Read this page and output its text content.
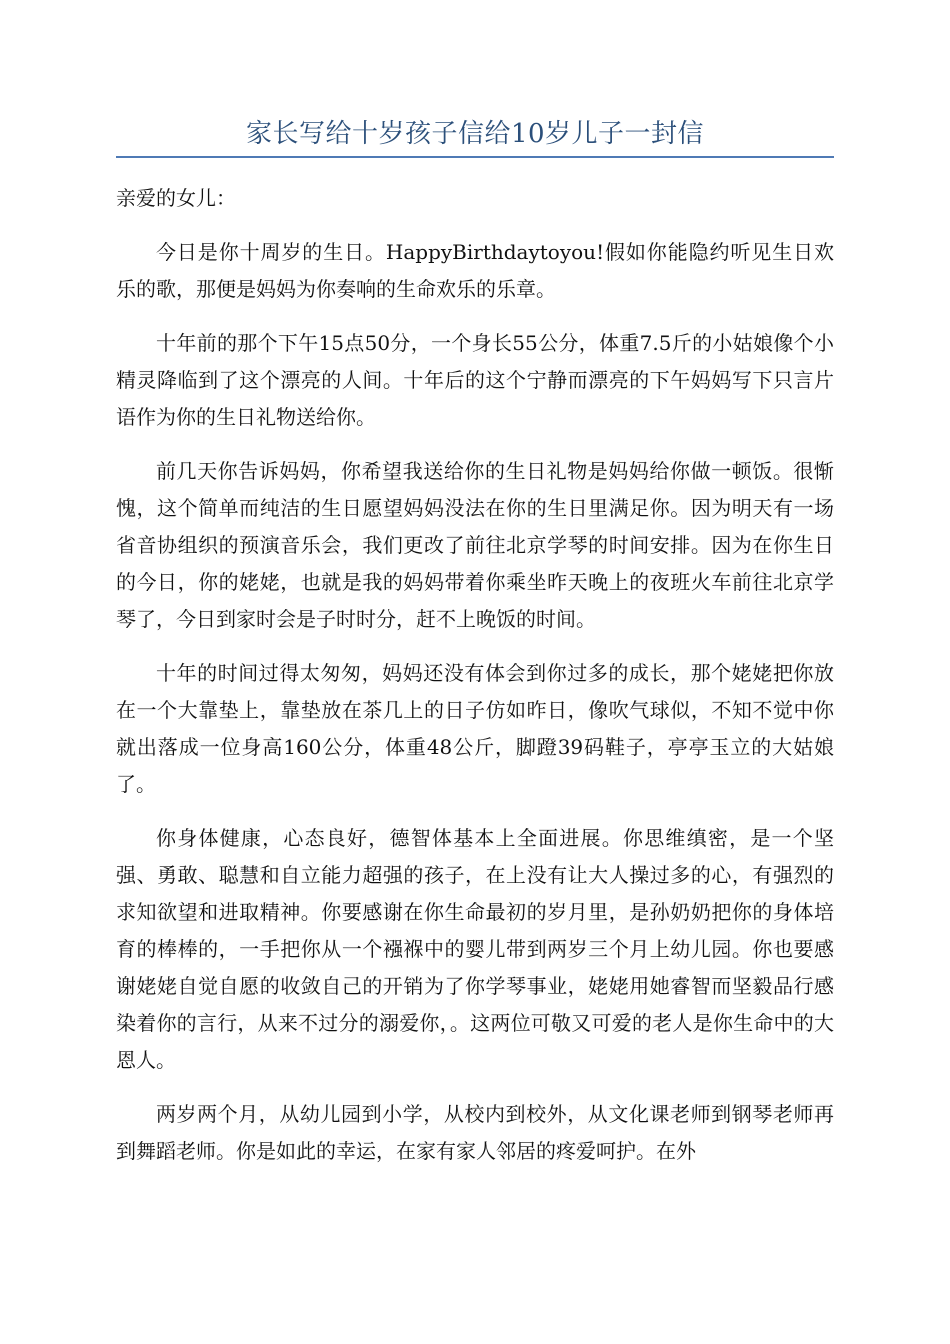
家长写给十岁孩子信给10岁儿子一封信

亲爱的女儿：

今日是你十周岁的生日。HappyBirthdaytoyou!假如你能隐约听见生日欢乐的歌，那便是妈妈为你奏响的生命欢乐的乐章。

十年前的那个下午15点50分，一个身长55公分，体重7.5斤的小姑娘像个小精灵降临到了这个漂亮的人间。十年后的这个宁静而漂亮的下午妈妈写下只言片语作为你的生日礼物送给你。

前几天你告诉妈妈，你希望我送给你的生日礼物是妈妈给你做一顿饭。很惭愧，这个简单而纯洁的生日愿望妈妈没法在你的生日里满足你。因为明天有一场省音协组织的预演音乐会，我们更改了前往北京学琴的时间安排。因为在你生日的今日，你的姥姥，也就是我的妈妈带着你乘坐昨天晚上的夜班火车前往北京学琴了，今日到家时会是子时时分，赶不上晚饭的时间。

十年的时间过得太匆匆，妈妈还没有体会到你过多的成长，那个姥姥把你放在一个大靠垫上，靠垫放在茶几上的日子仿如昨日，像吹气球似，不知不觉中你就出落成一位身高160公分，体重48公斤，脚蹬39码鞋子，亭亭玉立的大姑娘了。

你身体健康，心态良好，德智体基本上全面进展。你思维缜密，是一个坚强、勇敢、聪慧和自立能力超强的孩子，在上没有让大人操过多的心，有强烈的求知欲望和进取精神。你要感谢在你生命最初的岁月里，是孙奶奶把你的身体培育的棒棒的，一手把你从一个襁褓中的婴儿带到两岁三个月上幼儿园。你也要感谢姥姥自觉自愿的收敛自己的开销为了你学琴事业，姥姥用她睿智而坚毅品行感染着你的言行，从来不过分的溺爱你，。这两位可敬又可爱的老人是你生命中的大恩人。

两岁两个月，从幼儿园到小学，从校内到校外，从文化课老师到钢琴老师再到舞蹈老师。你是如此的幸运，在家有家人邻居的疼爱呵护。在外
